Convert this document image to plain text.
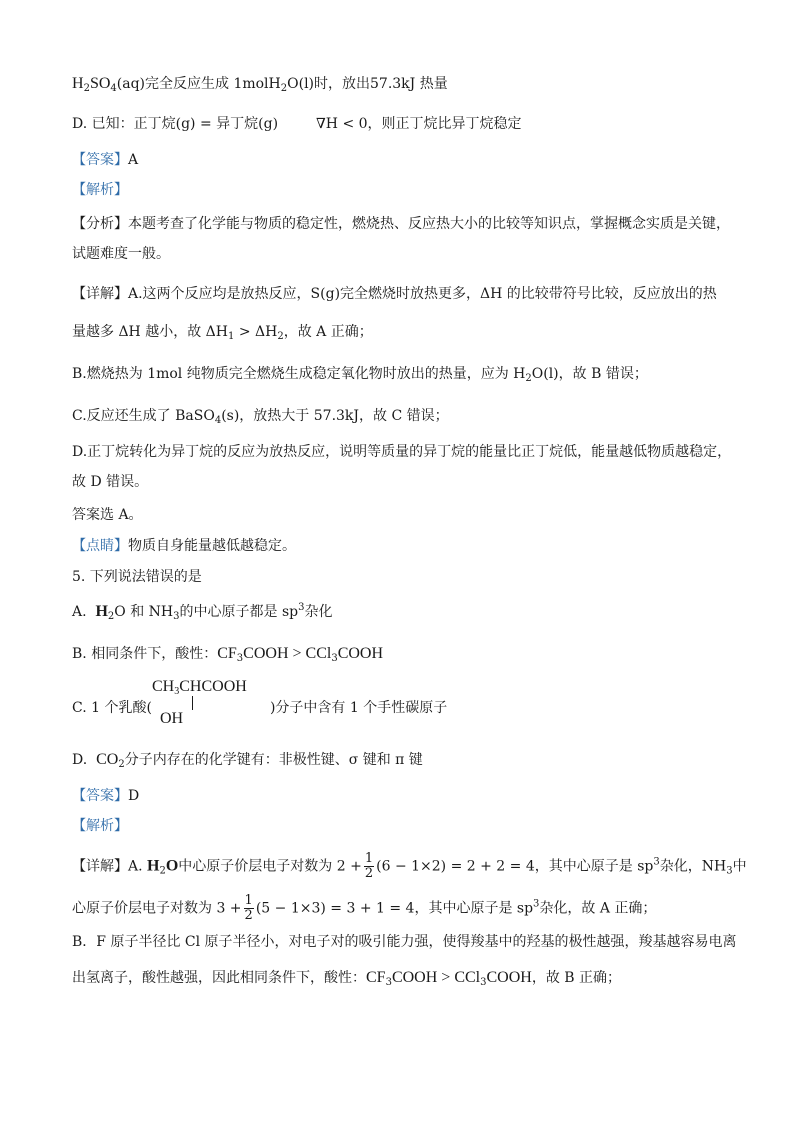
$H_2SO_4(aq)$完全反应生成 1molH$_2$O(l)时，放出57.3kJ 热量
D. 已知：正丁烷(g) = 异丁烷(g)	∇H < 0，则正丁烷比异丁烷稳定
【答案】A
【解析】
【分析】本题考查了化学能与物质的稳定性，燃烧热、反应热大小的比较等知识点，掌握概念实质是关键，
试题难度一般。
【详解】A.这两个反应均是放热反应，S(g)完全燃烧时放热更多，ΔH 的比较带符号比较，反应放出的热
量越多 ΔH 越小，故 $\Delta H_1 > \Delta H_2$，故 A 正确；
B.燃烧热为 1mol 纯物质完全燃烧生成稳定氧化物时放出的热量，应为 $H_2O(l)$，故 B 错误；
C.反应还生成了 BaSO$_4$(s)，放热大于 57.3kJ，故 C 错误；
D.正丁烷转化为异丁烷的反应为放热反应，说明等质量的异丁烷的能量比正丁烷低，能量越低物质越稳定，
故 D 错误。
答案选 A。
【点睛】物质自身能量越低越稳定。
5. 下列说法错误的是
A. $H_2O$ 和 $NH_3$的中心原子都是 $sp^3$杂化
B. 相同条件下，酸性：$CF_3COOH$ > CCl$_3$COOH
C. 1 个乳酸(	)分子中含有 1 个手性碳原子
$CH_3CHCOOH$
OH
D. $CO_2$分子内存在的化学键有：非极性键、σ 键和 π 键
【答案】D
【解析】
【详解】A. $H_2O$中心原子价层电子对数为 $2 + \frac{1}{2} (6 - 1\times 2) = 2 + 2 = 4$，其中心原子是 $sp^3$杂化，$NH_3$中
心原子价层电子对数为 $3 + \frac{1}{2} (5 - 1\times 3) = 3 + 1 = 4$，其中心原子是 $sp^3$杂化，故 A 正确；
B．F 原子半径比 Cl 原子半径小，对电子对的吸引能力强，使得羧基中的羟基的极性越强，羧基越容易电离
出氢离子，酸性越强，因此相同条件下，酸性：$CF_3COOH$ > CCl$_3$COOH，故 B 正确；
